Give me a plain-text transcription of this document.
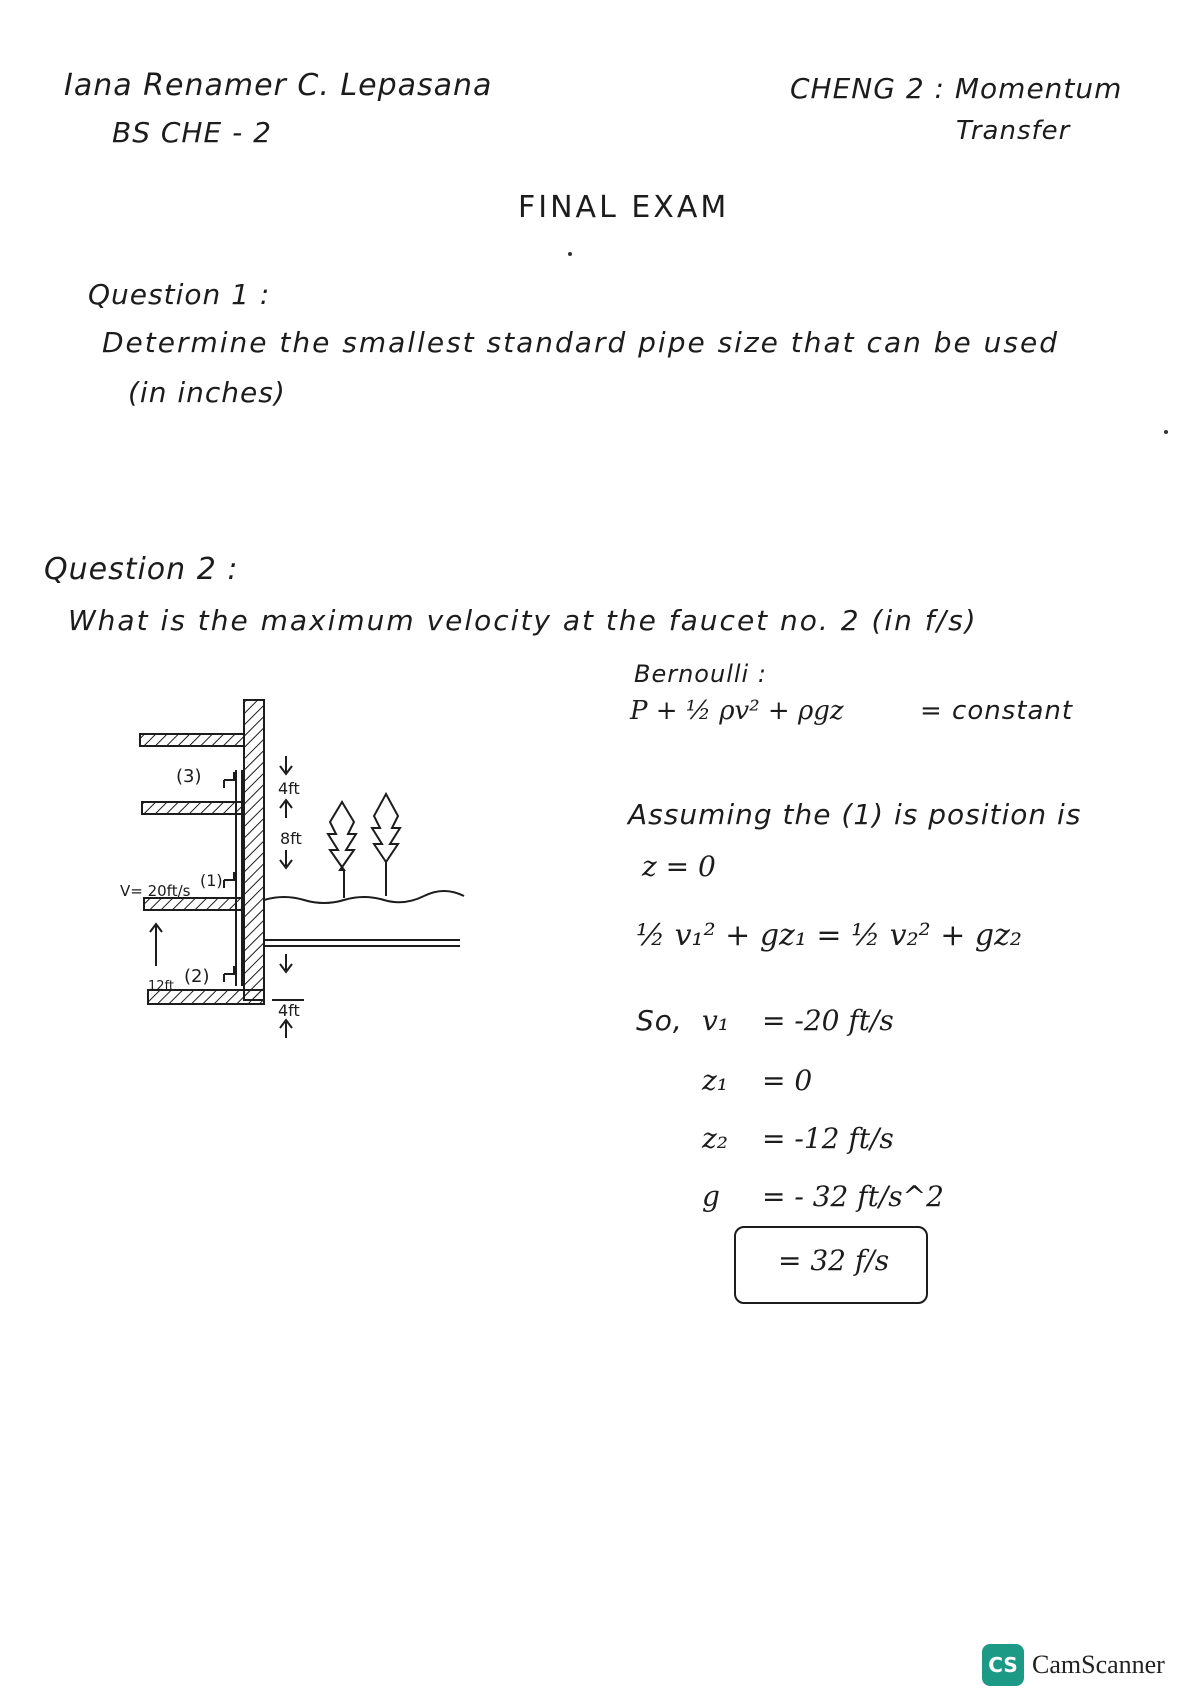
Iana Renamer C. Lepasana
BS CHE - 2
CHENG 2 : Momentum
Transfer
FINAL EXAM
Question 1 :
Determine the smallest standard pipe size that can be used
(in inches)
Question 2 :
What is the maximum velocity at the faucet no. 2 (in f/s)
(3)
(1)
(2)
V= 20ft/s
4ft
8ft
12ft
4ft
Bernoulli :
P + ½ ρv² + ρgz	= constant
Assuming the (1) is position is
z = 0
½ v₁² + gz₁ = ½ v₂² + gz₂
So, v₁ = -20 ft/s
z₁ = 0
z₂ = -12 ft/s
g = - 32 ft/s^2
= 32 f/s
CS CamScanner
